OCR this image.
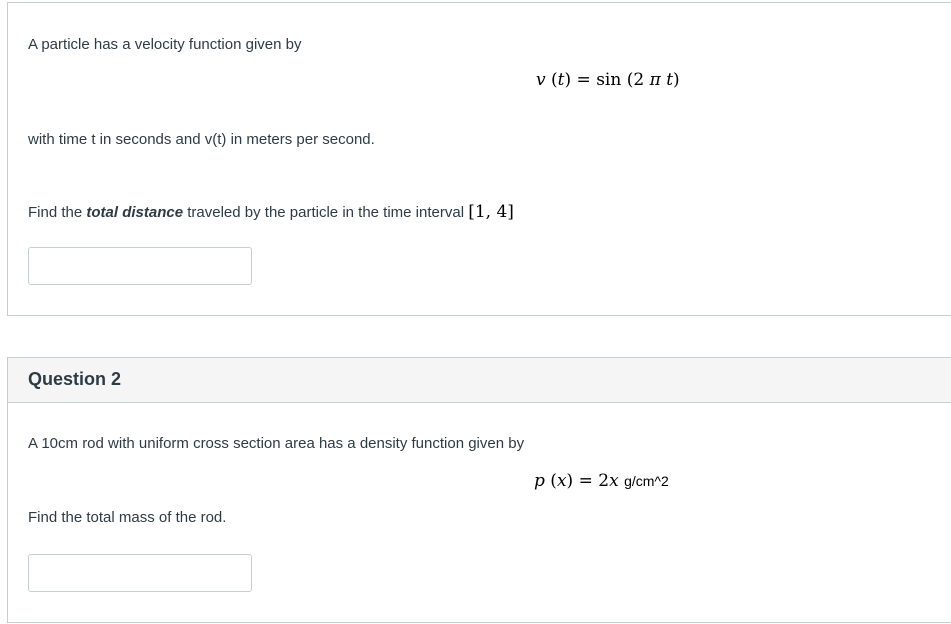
A particle has a velocity function given by
v (t) = sin (2 π t)
with time t in seconds and v(t) in meters per second.
Find the total distance traveled by the particle in the time interval [1, 4]
Question 2
A 10cm rod with uniform cross section area has a density function given by
p (x) = 2x g/cm^2
Find the total mass of the rod.
